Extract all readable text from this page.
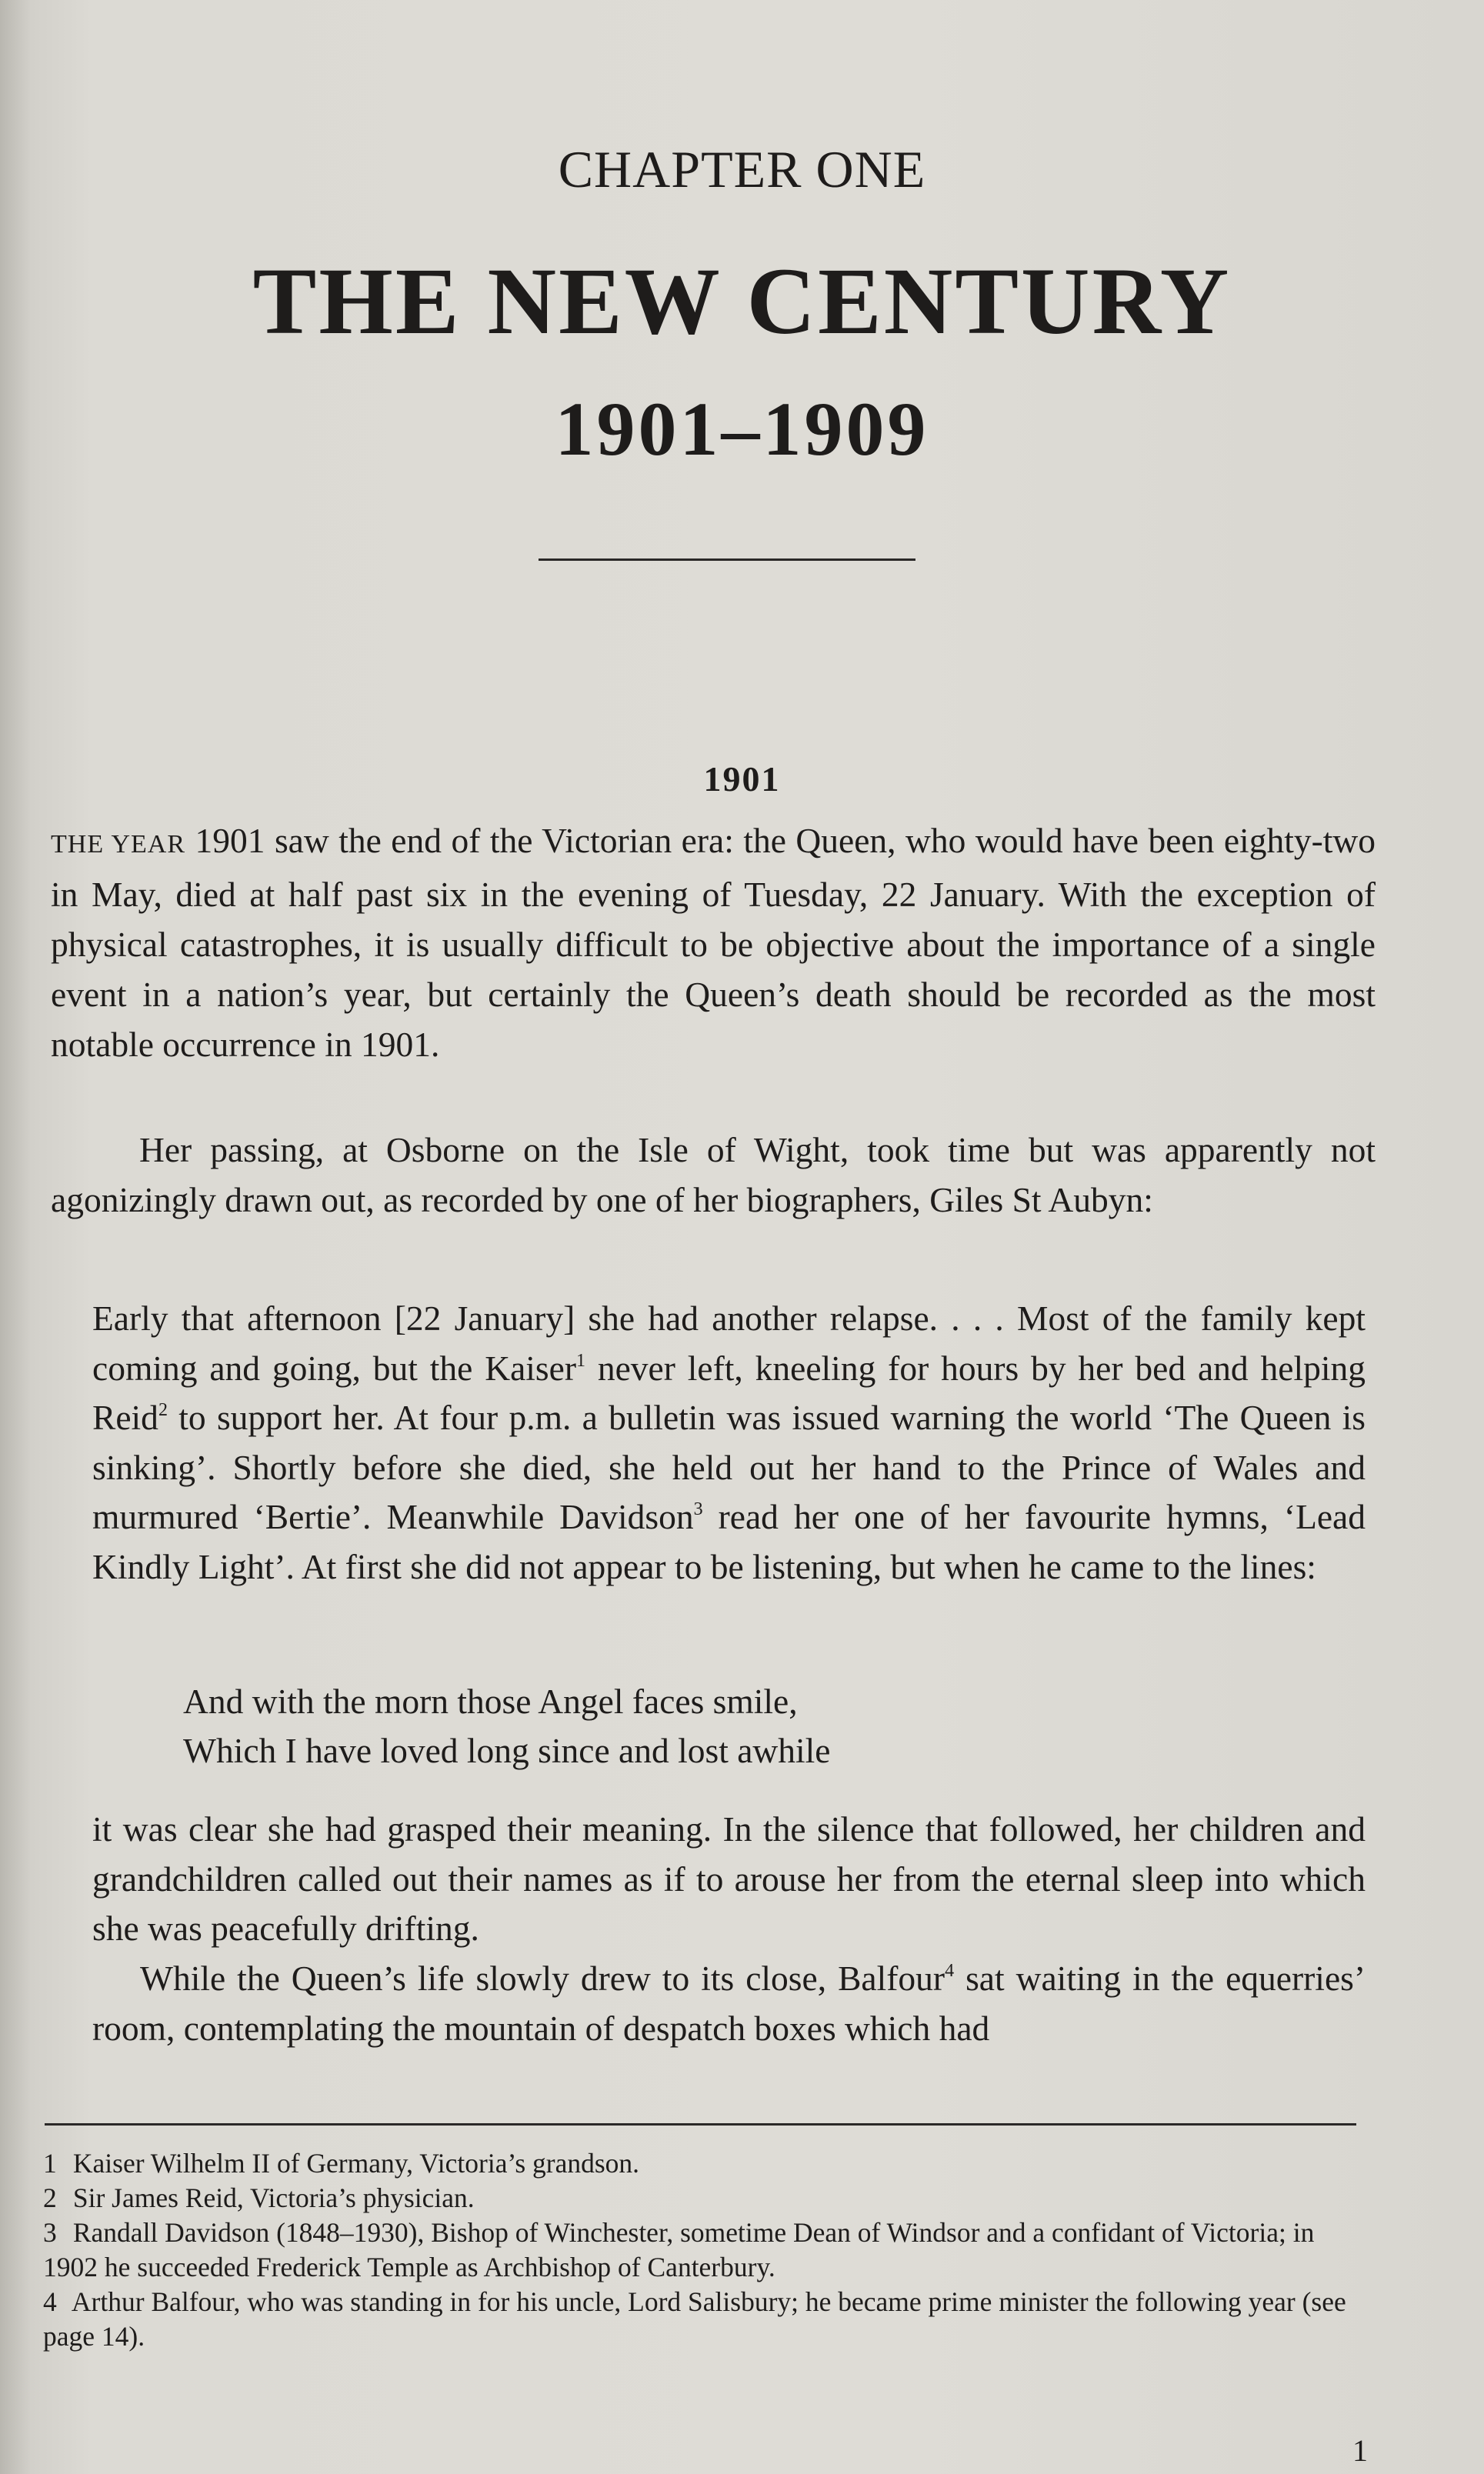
CHAPTER ONE
THE NEW CENTURY
1901–1909
1901
THE YEAR 1901 saw the end of the Victorian era: the Queen, who would have been eighty-two in May, died at half past six in the evening of Tuesday, 22 January. With the exception of physical catastrophes, it is usually difficult to be objective about the importance of a single event in a nation’s year, but certainly the Queen’s death should be recorded as the most notable occurrence in 1901.
Her passing, at Osborne on the Isle of Wight, took time but was apparently not agonizingly drawn out, as recorded by one of her biographers, Giles St Aubyn:
Early that afternoon [22 January] she had another relapse. . . . Most of the family kept coming and going, but the Kaiser$^1$ never left, kneeling for hours by her bed and helping Reid$^2$ to support her. At four p.m. a bulletin was issued warning the world ‘The Queen is sinking’. Shortly before she died, she held out her hand to the Prince of Wales and murmured ‘Bertie’. Meanwhile Davidson$^3$ read her one of her favourite hymns, ‘Lead Kindly Light’. At first she did not appear to be listening, but when he came to the lines:
And with the morn those Angel faces smile,
Which I have loved long since and lost awhile
it was clear she had grasped their meaning. In the silence that followed, her children and grandchildren called out their names as if to arouse her from the eternal sleep into which she was peacefully drifting.
While the Queen’s life slowly drew to its close, Balfour$^4$ sat waiting in the equerries’ room, contemplating the mountain of despatch boxes which had
1 Kaiser Wilhelm II of Germany, Victoria’s grandson.
2 Sir James Reid, Victoria’s physician.
3 Randall Davidson (1848–1930), Bishop of Winchester, sometime Dean of Windsor and a confidant of Victoria; in 1902 he succeeded Frederick Temple as Archbishop of Canterbury.
4 Arthur Balfour, who was standing in for his uncle, Lord Salisbury; he became prime minister the following year (see page 14).
1
